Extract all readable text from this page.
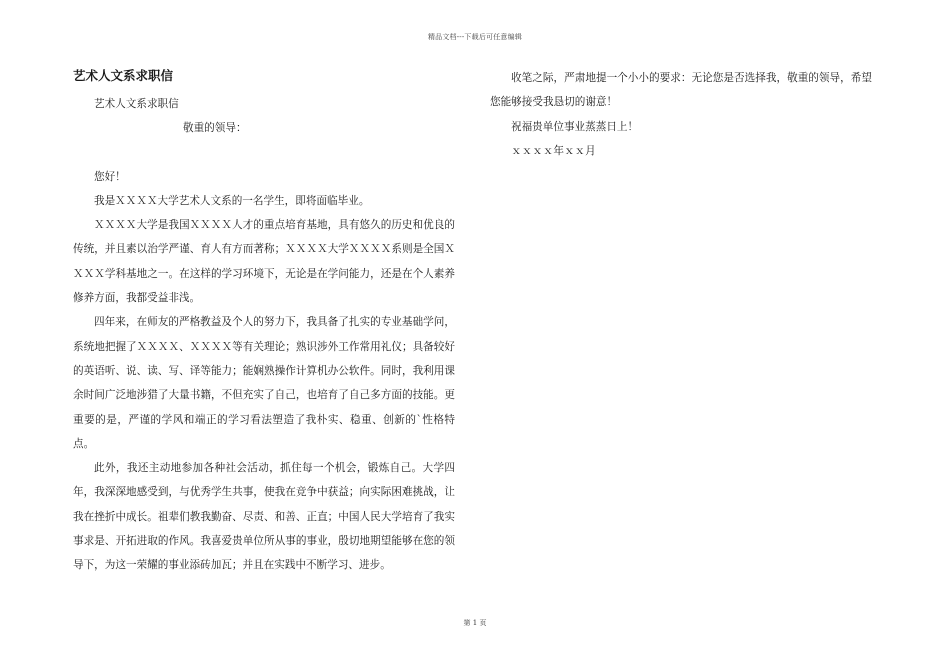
精品文档---下载后可任意编辑
艺术人文系求职信

艺术人文系求职信

敬重的领导：

您好！

我是ＸＸＸＸ大学艺术人文系的一名学生，即将面临毕业。

ＸＸＸＸ大学是我国ＸＸＸＸ人才的重点培育基地，具有悠久的历史和优良的传统，并且素以治学严谨、育人有方而著称；ＸＸＸＸ大学ＸＸＸＸ系则是全国ＸＸＸＸ学科基地之一。在这样的学习环境下，无论是在学问能力，还是在个人素养修养方面，我都受益非浅。

四年来，在师友的严格教益及个人的努力下，我具备了扎实的专业基础学问，系统地把握了ＸＸＸＸ、ＸＸＸＸ等有关理论；熟识涉外工作常用礼仪；具备较好的英语听、说、读、写、译等能力；能娴熟操作计算机办公软件。同时，我利用课余时间广泛地涉猎了大量书籍，不但充实了自己，也培育了自己多方面的技能。更重要的是，严谨的学风和端正的学习看法塑造了我朴实、稳重、创新的`性格特点。

此外，我还主动地参加各种社会活动，抓住每一个机会，锻炼自己。大学四年，我深深地感受到，与优秀学生共事，使我在竞争中获益；向实际困难挑战，让我在挫折中成长。祖辈们教我勤奋、尽责、和善、正直；中国人民大学培育了我实事求是、开拓进取的作风。我喜爱贵单位所从事的事业，殷切地期望能够在您的领导下，为这一荣耀的事业添砖加瓦；并且在实践中不断学习、进步。

收笔之际，严肃地提一个小小的要求：无论您是否选择我，敬重的领导，希望您能够接受我恳切的谢意！

祝福贵单位事业蒸蒸日上！

ｘｘｘｘ年ｘｘ月

第 1 页
